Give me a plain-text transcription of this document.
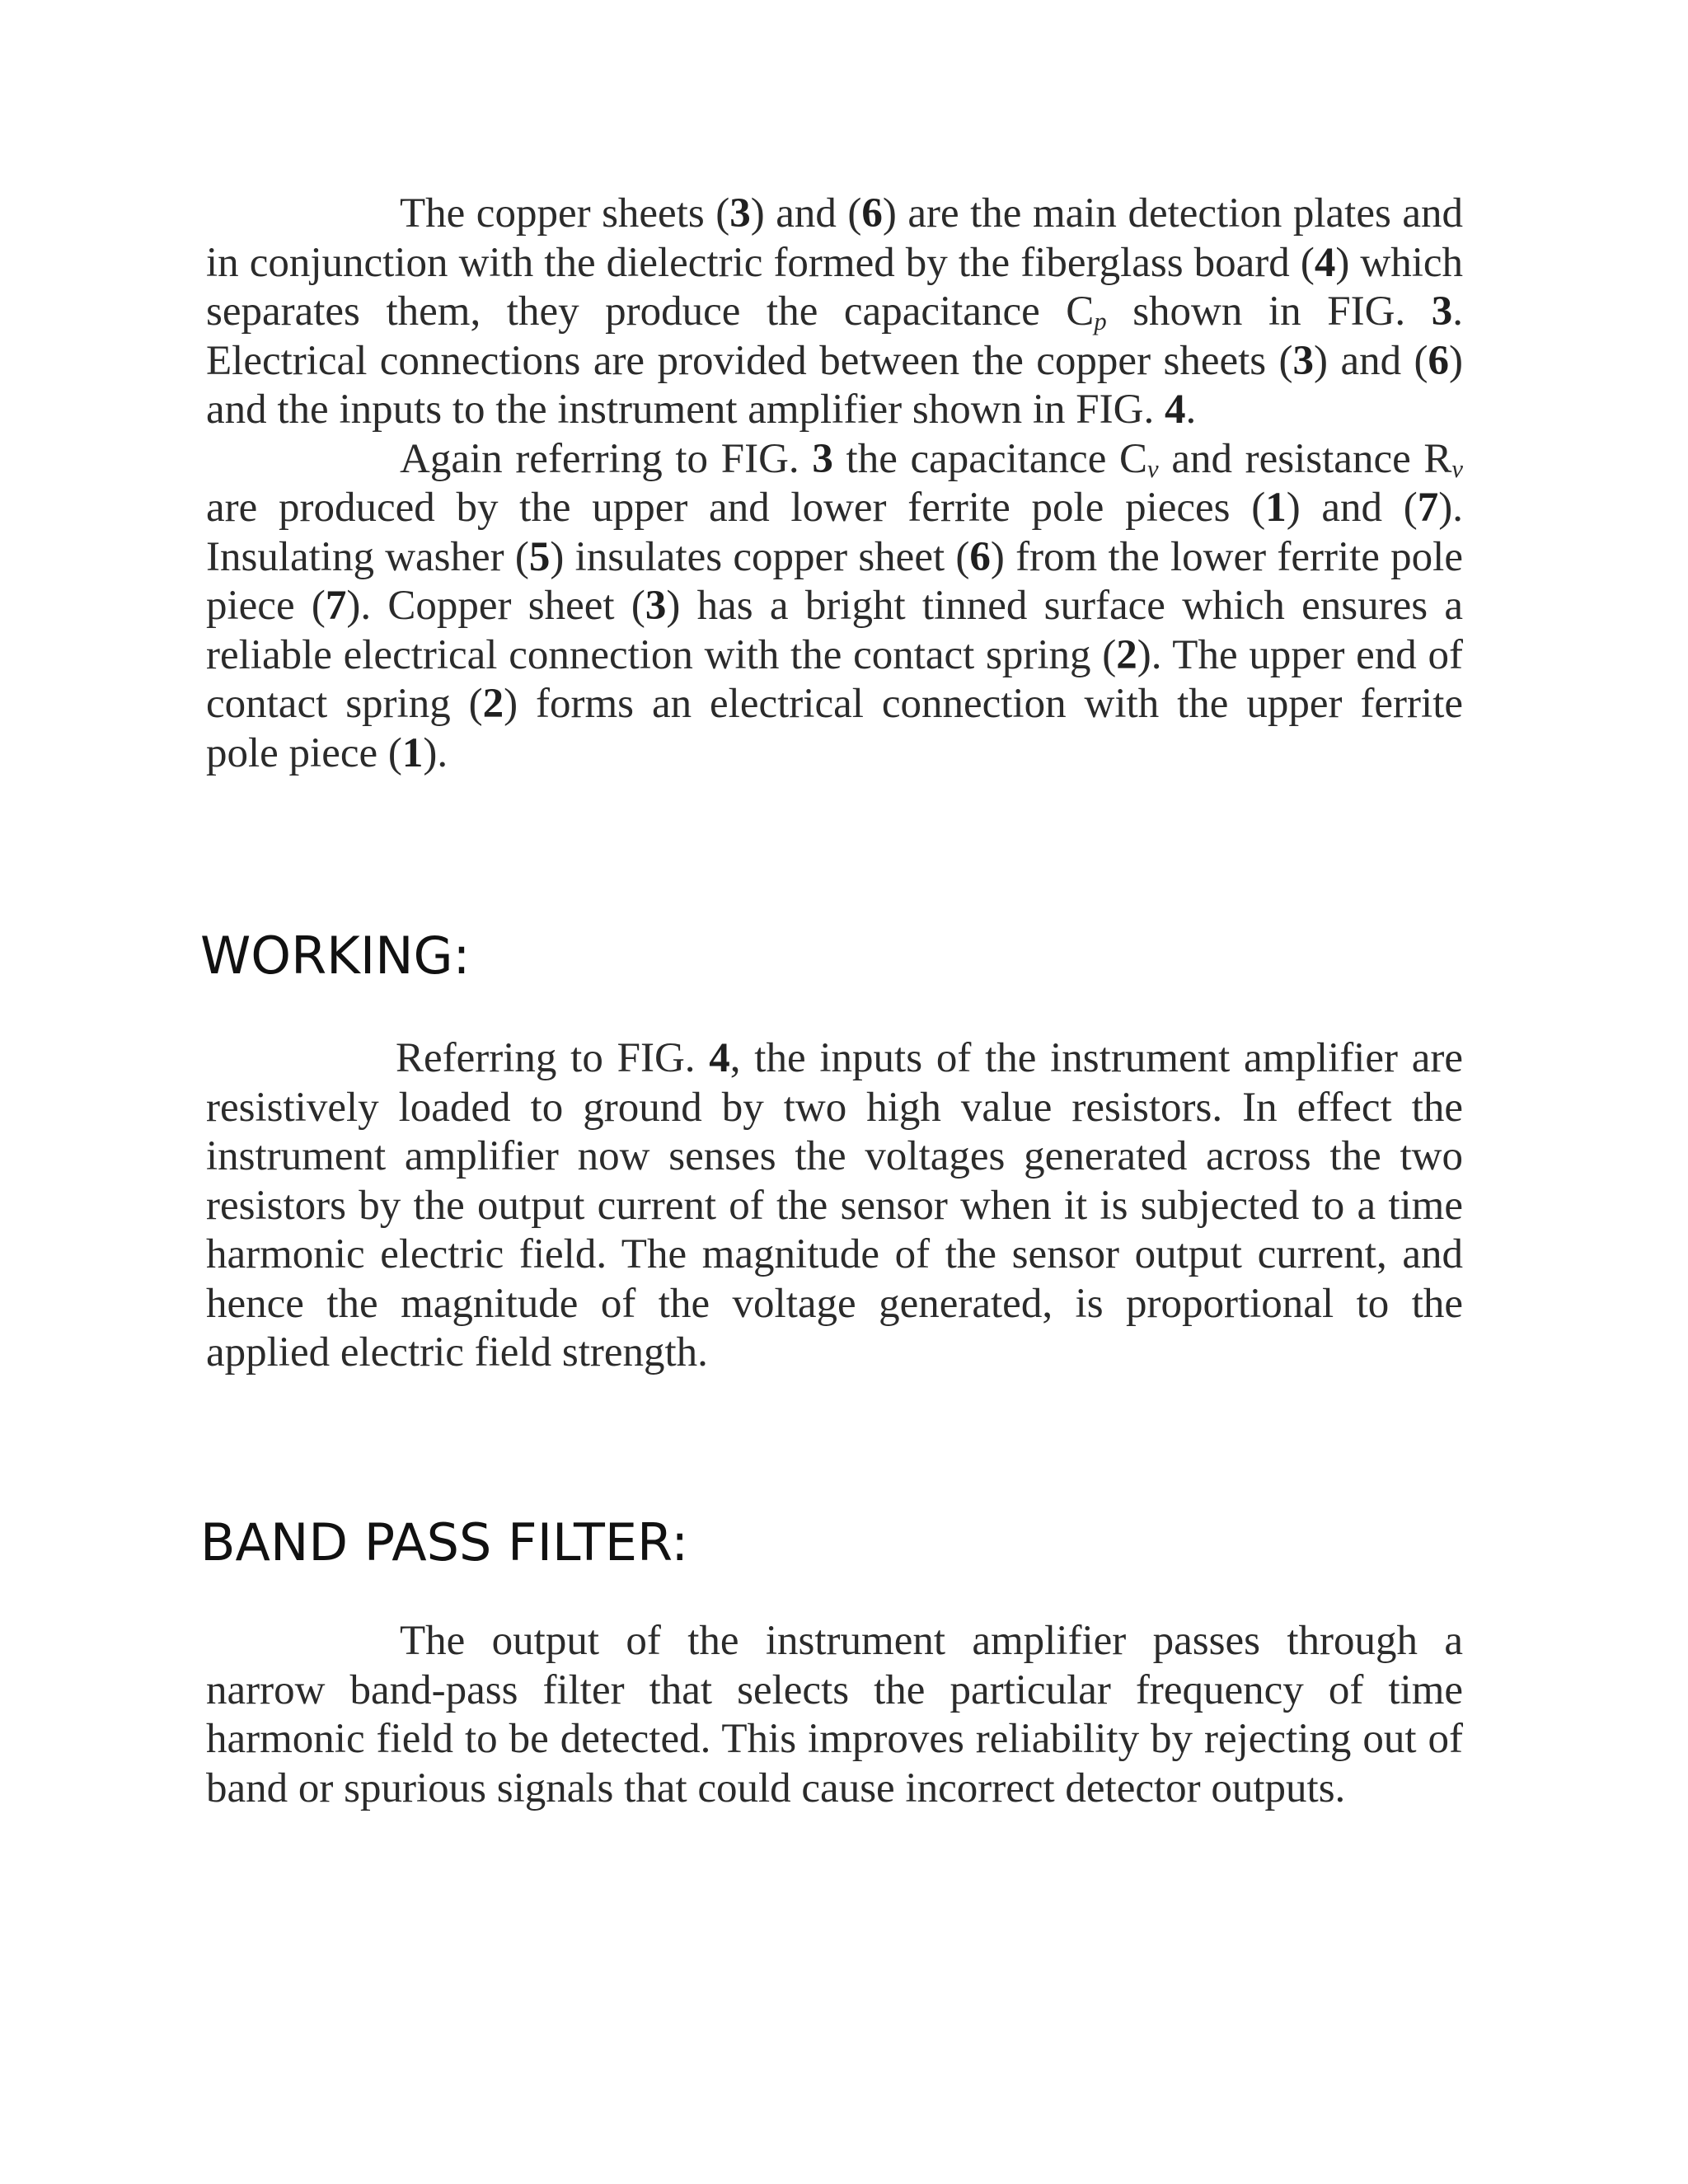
The copper sheets (3) and (6) are the main detection plates and in conjunction with the dielectric formed by the fiberglass board (4) which separates them, they produce the capacitance $C_p$ shown in FIG. 3. Electrical connections are provided between the copper sheets (3) and (6) and the inputs to the instrument amplifier shown in FIG. 4.

Again referring to FIG. 3 the capacitance $C_v$ and resistance $R_v$ are produced by the upper and lower ferrite pole pieces (1) and (7). Insulating washer (5) insulates copper sheet (6) from the lower ferrite pole piece (7). Copper sheet (3) has a bright tinned surface which ensures a reliable electrical connection with the contact spring (2). The upper end of contact spring (2) forms an electrical connection with the upper ferrite pole piece (1).

WORKING:

Referring to FIG. 4, the inputs of the instrument amplifier are resistively loaded to ground by two high value resistors. In effect the instrument amplifier now senses the voltages generated across the two resistors by the output current of the sensor when it is subjected to a time harmonic electric field. The magnitude of the sensor output current, and hence the magnitude of the voltage generated, is proportional to the applied electric field strength.

BAND PASS FILTER:

The output of the instrument amplifier passes through a narrow band-pass filter that selects the particular frequency of time harmonic field to be detected. This improves reliability by rejecting out of band or spurious signals that could cause incorrect detector outputs.
